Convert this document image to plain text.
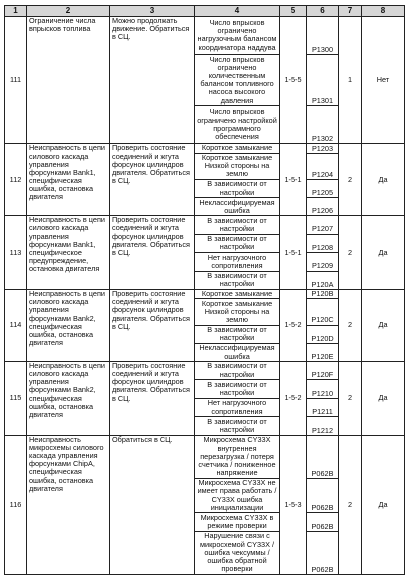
1	2	3	4	5	6	7	8
111	Ограничение числа впрысков топлива	Можно продолжать движение. Обратиться в СЦ.	Число впрысков ограничено нагрузочным балансом координатора наддува	1-5-5	P1300	1	Нет
			Число впрысков ограничено количественным балансом топливного насоса высокого давления		P1301		
			Число впрысков ограничено настройкой программного обеспечения		P1302		
112	Неисправность в цепи силового каскада управления форсунками Bank1, специфическая ошибка, остановка двигателя	Проверить состояние соединений и жгута форсунок цилиндров двигателя. Обратиться в СЦ.	Короткое замыкание	1-5-1	P1203	2	Да
			Короткое замыкание Низкой стороны на землю		P1204		
			В зависимости от настройки		P1205		
			Неклассифицируемая ошибка		P1206		
113	Неисправность в цепи силового каскада управления форсунками Bank1, специфическое предупреждение, остановка двигателя	Проверить состояние соединений и жгута форсунок цилиндров двигателя. Обратиться в СЦ.	В зависимости от настройки	1-5-1	P1207	2	Да
			В зависимости от настройки		P1208		
			Нет нагрузочного сопротивления		P1209		
			В зависимости от настройки		P120A		
114	Неисправность в цепи силового каскада управления форсунками Bank2, специфическая ошибка, остановка двигателя	Проверить состояние соединений и жгута форсунок цилиндров двигателя. Обратиться в СЦ.	Короткое замыкание	1-5-2	P120B	2	Да
			Короткое замыкание Низкой стороны на землю		P120C		
			В зависимости от настройки		P120D		
			Неклассифицируемая ошибка		P120E		
115	Неисправность в цепи силового каскада управления форсунками Bank2, специфическая ошибка, остановка двигателя	Проверить состояние соединений и жгута форсунок цилиндров двигателя. Обратиться в СЦ.	В зависимости от настройки	1-5-2	P120F	2	Да
			В зависимости от настройки		P1210		
			Нет нагрузочного сопротивления		P1211		
			В зависимости от настройки		P1212		
116	Неисправность микросхемы силового каскада управления форсунками ChipA, специфическая ошибка, остановка двигателя	Обратиться в СЦ.	Микросхема CY33X внутреннея перезагрузка / потеря счетчика / пониженное напряжение	1-5-3	P062B	2	Да
			Микросхема CY33X не имеет права работать / CY33X ошибка инициализации		P062B		
			Микросхема CY33X в режиме проверки		P062B		
			Нарушение связи с микросхемой CY33X / ошибка чексуммы / ошибка обратной проверки		P062B		
